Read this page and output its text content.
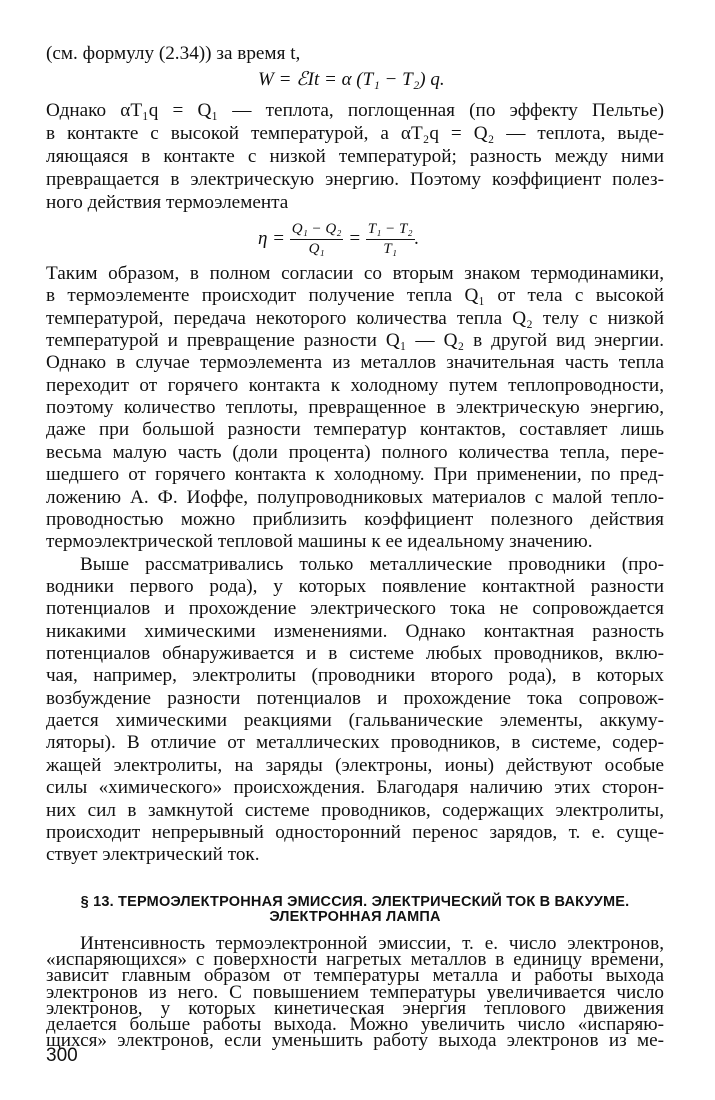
(см. формулу (2.34)) за время t,
W = ℰIt = α (T₁ − T₂) q.
Однако αT₁q = Q₁ — теплота, поглощенная (по эффекту Пельтье)
в контакте с высокой температурой, а αT₂q = Q₂ — теплота, выде-
ляющаяся в контакте с низкой температурой; разность между ними
превращается в электрическую энергию. Поэтому коэффициент полез-
ного действия термоэлемента
$\eta = \frac{\text{Q₁ − Q₂}}{\text{Q₁}} = \frac{\text{T₁ − T₂}}{\text{T₁}}$ .
Таким образом, в полном согласии со вторым знаком термодинамики,
в термоэлементе происходит получение тепла Q₁ от тела с высокой
температурой, передача некоторого количества тепла Q₂ телу с низкой
температурой и превращение разности Q₁ — Q₂ в другой вид энергии.
Однако в случае термоэлемента из металлов значительная часть тепла
переходит от горячего контакта к холодному путем теплопроводности,
поэтому количество теплоты, превращенное в электрическую энергию,
даже при большой разности температур контактов, составляет лишь
весьма малую часть (доли процента) полного количества тепла, пере-
шедшего от горячего контакта к холодному. При применении, по пред-
ложению А. Ф. Иоффе, полупроводниковых материалов с малой тепло-
проводностью можно приблизить коэффициент полезного действия
термоэлектрической тепловой машины к ее идеальному значению.
Выше рассматривались только металлические проводники (про-
водники первого рода), у которых появление контактной разности
потенциалов и прохождение электрического тока не сопровождается
никакими химическими изменениями. Однако контактная разность
потенциалов обнаруживается и в системе любых проводников, вклю-
чая, например, электролиты (проводники второго рода), в которых
возбуждение разности потенциалов и прохождение тока сопровож-
дается химическими реакциями (гальванические элементы, аккуму-
ляторы). В отличие от металлических проводников, в системе, содер-
жащей электролиты, на заряды (электроны, ионы) действуют особые
силы «химического» происхождения. Благодаря наличию этих сторон-
них сил в замкнутой системе проводников, содержащих электролиты,
происходит непрерывный односторонний перенос зарядов, т. е. суще-
ствует электрический ток.
§ 13. ТЕРМОЭЛЕКТРОННАЯ ЭМИССИЯ. ЭЛЕКТРИЧЕСКИЙ ТОК В ВАКУУМЕ.
ЭЛЕКТРОННАЯ ЛАМПА
Интенсивность термоэлектронной эмиссии, т. е. число электронов,
«испаряющихся» с поверхности нагретых металлов в единицу времени,
зависит главным образом от температуры металла и работы выхода
электронов из него. С повышением температуры увеличивается число
электронов, у которых кинетическая энергия теплового движения
делается больше работы выхода. Можно увеличить число «испаряю-
щихся» электронов, если уменьшить работу выхода электронов из ме-
300
